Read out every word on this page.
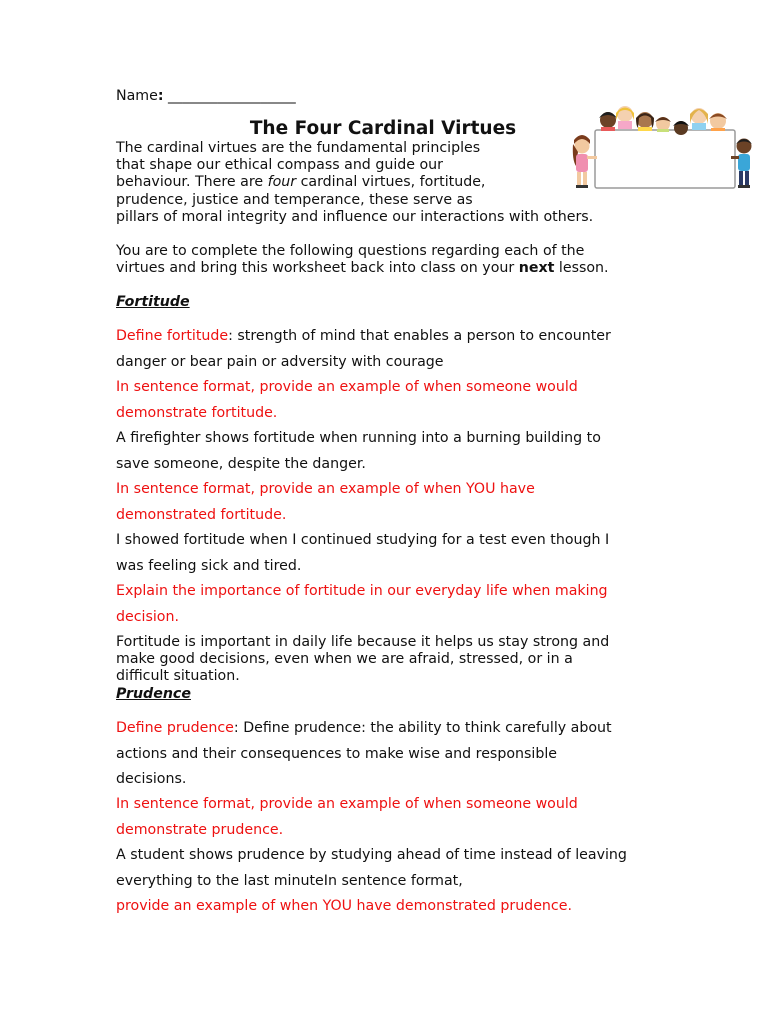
Name: __________________
The Four Cardinal Virtues
The cardinal virtues are the fundamental principles
that shape our ethical compass and guide our
behaviour. There are four cardinal virtues, fortitude,
prudence, justice and temperance, these serve as
pillars of moral integrity and influence our interactions with others.
You are to complete the following questions regarding each of the
virtues and bring this worksheet back into class on your next lesson.
Fortitude
Define fortitude: strength of mind that enables a person to encounter
danger or bear pain or adversity with courage
In sentence format, provide an example of when someone would
demonstrate fortitude.
A firefighter shows fortitude when running into a burning building to
save someone, despite the danger.
In sentence format, provide an example of when YOU have
demonstrated fortitude.
I showed fortitude when I continued studying for a test even though I
was feeling sick and tired.
Explain the importance of fortitude in our everyday life when making
decision.
Fortitude is important in daily life because it helps us stay strong and
make good decisions, even when we are afraid, stressed, or in a
difficult situation.
Prudence
Define prudence: Define prudence: the ability to think carefully about
actions and their consequences to make wise and responsible
decisions.
In sentence format, provide an example of when someone would
demonstrate prudence.
A student shows prudence by studying ahead of time instead of leaving
everything to the last minuteIn sentence format,
provide an example of when YOU have demonstrated prudence.
